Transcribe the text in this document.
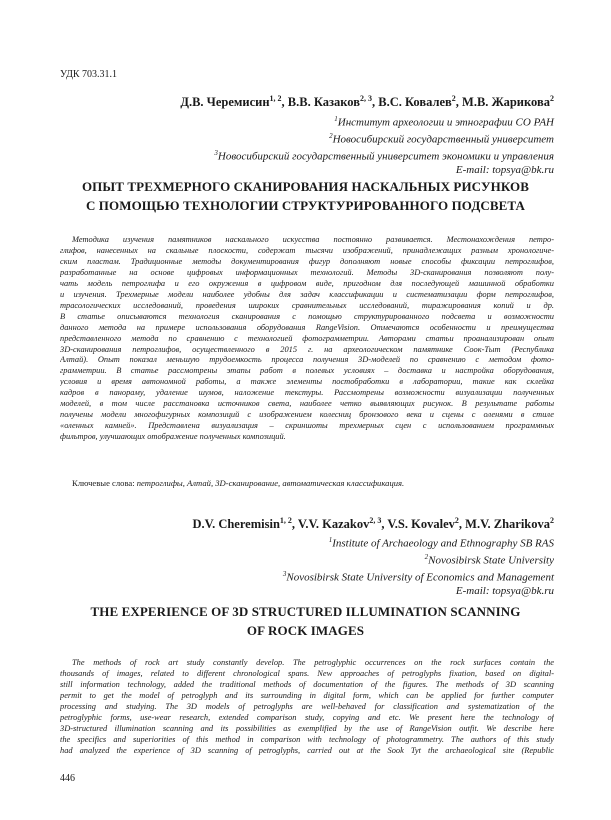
УДК 703.31.1
Д.В. Черемисин$^{1, 2}$, В.В. Казаков$^{2, 3}$, В.С. Ковалев$^2$, М.В. Жарикова$^2$
$^1$Институт археологии и этнографии СО РАН
$^2$Новосибирский государственный университет
$^3$Новосибирский государственный университет экономики и управления
E-mail: topsya@bk.ru
ОПЫТ ТРЕХМЕРНОГО СКАНИРОВАНИЯ НАСКАЛЬНЫХ РИСУНКОВ
С ПОМОЩЬЮ ТЕХНОЛОГИИ СТРУКТУРИРОВАННОГО ПОДСВЕТА
Методика изучения памятников наскального искусства постоянно развивается. Местонахождения петро-
глифов, нанесенных на скальные плоскости, содержат тысячи изображений, принадлежащих разным хронологиче-
ским пластам. Традиционные методы документирования фигур дополняют новые способы фиксации петроглифов,
разработанные на основе цифровых информационных технологий. Методы 3D-сканирования позволяют полу-
чать модель петроглифа и его окружения в цифровом виде, пригодном для последующей машинной обработки
и изучения. Трехмерные модели наиболее удобны для задач классификации и систематизации форм петроглифов,
трасологических исследований, проведения широких сравнительных исследований, тиражирования копий и др.
В статье описываются технология сканирования с помощью структурированного подсвета и возможности
данного метода на примере использования оборудования RangeVision. Отмечаются особенности и преимущества
представленного метода по сравнению с технологией фотограмметрии. Авторами статьи проанализирован опыт
3D-сканирования петроглифов, осуществленного в 2015 г. на археологическом памятнике Соок-Тыт (Республика
Алтай). Опыт показал меньшую трудоемкость процесса получения 3D-моделей по сравнению с методом фото-
грамметрии. В статье рассмотрены этапы работ в полевых условиях – доставка и настройка оборудования,
условия и время автономной работы, а также элементы постобработки в лаборатории, такие как склейка
кадров в панораму, удаление шумов, наложение текстуры. Рассмотрены возможности визуализации полученных
моделей, в том числе расстановка источников света, наиболее четко выявляющих рисунок. В результате работы
получены модели многофигурных композиций с изображением колесниц бронзового века и сцены с оленями в стиле
«оленных камней». Представлена визуализация – скриншоты трехмерных сцен с использованием программных
фильтров, улучшающих отображение полученных композиций.
Ключевые слова: петроглифы, Алтай, 3D-сканирование, автоматическая классификация.
D.V. Cheremisin$^{1, 2}$, V.V. Kazakov$^{2, 3}$, V.S. Kovalev$^2$, M.V. Zharikova$^2$
$^1$Institute of Archaeology and Ethnography SB RAS
$^2$Novosibirsk State University
$^3$Novosibirsk State University of Economics and Management
E-mail: topsya@bk.ru
THE EXPERIENCE OF 3D STRUCTURED ILLUMINATION SCANNING
OF ROCK IMAGES
The methods of rock art study constantly develop. The petroglyphic occurrences on the rock surfaces contain the
thousands of images, related to different chronological spans. New approaches of petroglyphs fixation, based on digital-
still information technology, added the traditional methods of documentation of the figures. The methods of 3D scanning
permit to get the model of petroglyph and its surrounding in digital form, which can be applied for further computer
processing and studying. The 3D models of petroglyphs are well-behaved for classification and systematization of the
petroglyphic forms, use-wear research, extended comparison study, copying and etc. We present here the technology of
3D-structured illumination scanning and its possibilities as exemplified by the use of RangeVision outfit. We describe here
the specifics and superiorities of this method in comparison with technology of photogrammetry. The authors of this study
had analyzed the experience of 3D scanning of petroglyphs, carried out at the Sook Tyt the archaeological site (Republic
446
